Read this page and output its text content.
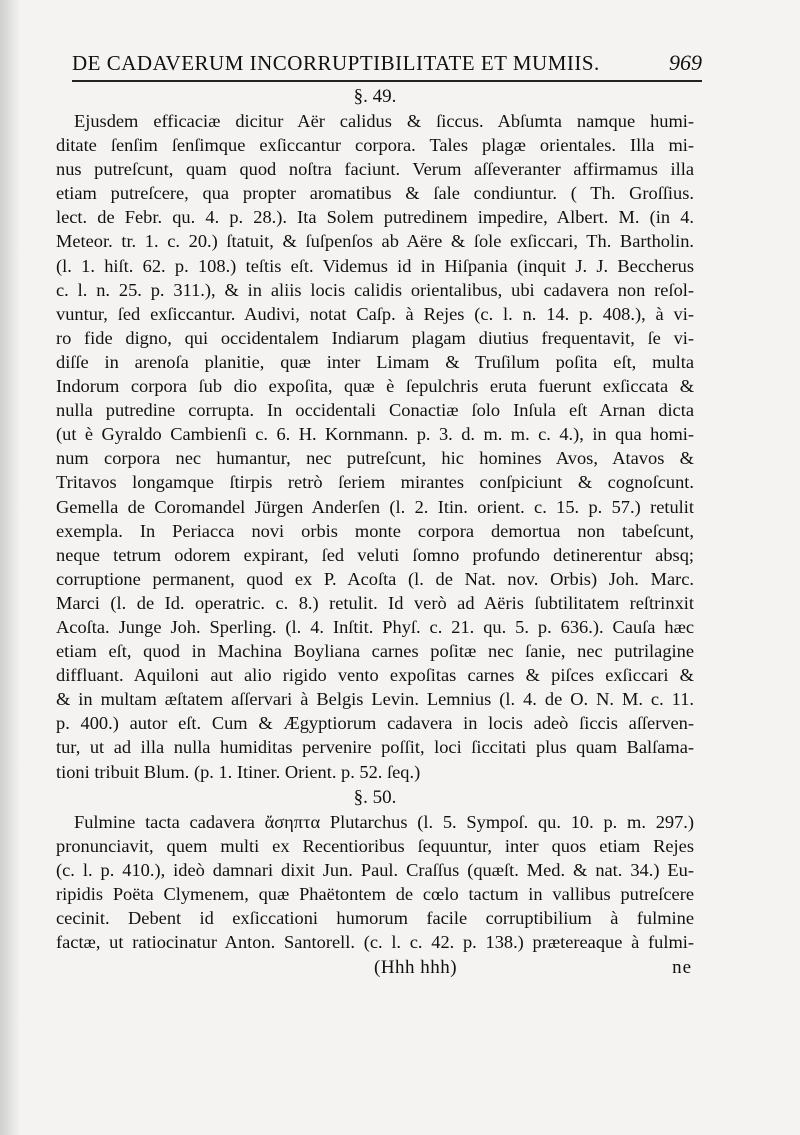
DE CADAVERUM INCORRUPTIBILITATE ET MUMIIS.	969

§. 49.

Ejusdem efficaciæ dicitur Aër calidus & ſiccus. Abſumta namque humi-
ditate ſenſim ſenſimque exſiccantur corpora. Tales plagæ orientales. Illa mi-
nus putreſcunt, quam quod noſtra faciunt. Verum aſſeveranter affirmamus illa
etiam putreſcere, qua propter aromatibus & ſale condiuntur. ( Th. Groſſius.
lect. de Febr. qu. 4. p. 28.). Ita Solem putredinem impedire, Albert. M. (in 4.
Meteor. tr. 1. c. 20.) ſtatuit, & ſuſpenſos ab Aëre & ſole exſiccari, Th. Bartholin.
(l. 1. hiſt. 62. p. 108.) teſtis eſt. Videmus id in Hiſpania (inquit J. J. Beccherus
c. l. n. 25. p. 311.), & in aliis locis calidis orientalibus, ubi cadavera non reſol-
vuntur, ſed exſiccantur. Audivi, notat Caſp. à Rejes (c. l. n. 14. p. 408.), à vi-
ro fide digno, qui occidentalem Indiarum plagam diutius frequentavit, ſe vi-
diſſe in arenoſa planitie, quæ inter Limam & Truſilum poſita eſt, multa
Indorum corpora ſub dio expoſita, quæ è ſepulchris eruta fuerunt exſiccata &
nulla putredine corrupta. In occidentali Conactiæ ſolo Inſula eſt Arnan dicta
(ut è Gyraldo Cambienſi c. 6. H. Kornmann. p. 3. d. m. m. c. 4.), in qua homi-
num corpora nec humantur, nec putreſcunt, hic homines Avos, Atavos &
Tritavos longamque ſtirpis retrò ſeriem mirantes conſpiciunt & cognoſcunt.
Gemella de Coromandel Jürgen Anderſen (l. 2. Itin. orient. c. 15. p. 57.) retulit
exempla. In Periacca novi orbis monte corpora demortua non tabeſcunt,
neque tetrum odorem expirant, ſed veluti ſomno profundo detinerentur absq;
corruptione permanent, quod ex P. Acoſta (l. de Nat. nov. Orbis) Joh. Marc.
Marci (l. de Id. operatric. c. 8.) retulit. Id verò ad Aëris ſubtilitatem reſtrinxit
Acoſta. Junge Joh. Sperling. (l. 4. Inſtit. Phyſ. c. 21. qu. 5. p. 636.). Cauſa hæc
etiam eſt, quod in Machina Boyliana carnes poſitæ nec ſanie, nec putrilagine
diffluant. Aquiloni aut alio rigido vento expoſitas carnes & piſces exſiccari &
& in multam æſtatem aſſervari à Belgis Levin. Lemnius (l. 4. de O. N. M. c. 11.
p. 400.) autor eſt. Cum & Ægyptiorum cadavera in locis adeò ſiccis aſſerven-
tur, ut ad illa nulla humiditas pervenire poſſit, loci ſiccitati plus quam Balſama-
tioni tribuit Blum. (p. 1. Itiner. Orient. p. 52. ſeq.)

§. 50.

Fulmine tacta cadavera ἄσηπτα Plutarchus (l. 5. Sympoſ. qu. 10. p. m. 297.)
pronunciavit, quem multi ex Recentioribus ſequuntur, inter quos etiam Rejes
(c. l. p. 410.), ideò damnari dixit Jun. Paul. Craſſus (quæſt. Med. & nat. 34.) Eu-
ripidis Poëta Clymenem, quæ Phaëtontem de cœlo tactum in vallibus putreſcere
cecinit. Debent id exſiccationi humorum facile corruptibilium à fulmine
factæ, ut ratiocinatur Anton. Santorell. (c. l. c. 42. p. 138.) prætereaque à fulmi-
(Hhh hhh)	ne
